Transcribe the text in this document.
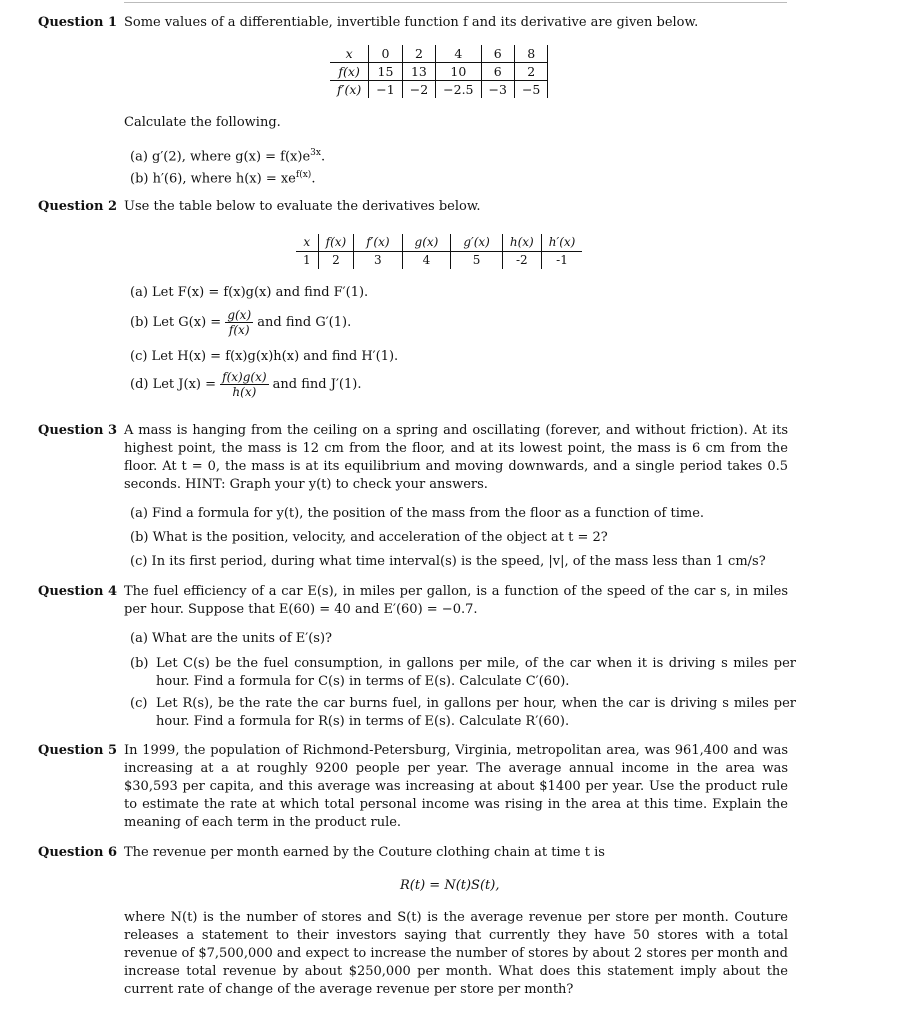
Question 1 Some values of a differentiable, invertible function f and its derivative are given below.
x	0	2	4	6	8
f(x)	15	13	10	6	2
f′(x)	−1	−2	−2.5	−3	−5
Calculate the following.
(a) g′(2), where $g(x) = f(x)e^{3x}$.
(b) h′(6), where $h(x) = xe^{f(x)}$.
Question 2 Use the table below to evaluate the derivatives below.
x	f(x)	f′(x)	g(x)	g′(x)	h(x)	h′(x)
1	2	3	4	5	-2	-1
(a) Let F(x) = f(x)g(x) and find F′(1).
(b) Let $G(x) = \frac{g(x)}{f(x)}$ and find G′(1).
(c) Let H(x) = f(x)g(x)h(x) and find H′(1).
(d) Let $J(x) = \frac{f(x)g(x)}{h(x)}$ and find J′(1).
Question 3 A mass is hanging from the ceiling on a spring and oscillating (forever, and without friction). At its highest point, the mass is 12 cm from the floor, and at its lowest point, the mass is 6 cm from the floor. At t = 0, the mass is at its equilibrium and moving downwards, and a single period takes 0.5 seconds. HINT: Graph your y(t) to check your answers.
(a) Find a formula for y(t), the position of the mass from the floor as a function of time.
(b) What is the position, velocity, and acceleration of the object at t = 2?
(c) In its first period, during what time interval(s) is the speed, |v|, of the mass less than 1 cm/s?
Question 4 The fuel efficiency of a car E(s), in miles per gallon, is a function of the speed of the car s, in miles per hour. Suppose that E(60) = 40 and E′(60) = −0.7.
(a) What are the units of E′(s)?
(b) Let C(s) be the fuel consumption, in gallons per mile, of the car when it is driving s miles per hour. Find a formula for C(s) in terms of E(s). Calculate C′(60).
(c) Let R(s), be the rate the car burns fuel, in gallons per hour, when the car is driving s miles per hour. Find a formula for R(s) in terms of E(s). Calculate R′(60).
Question 5 In 1999, the population of Richmond-Petersburg, Virginia, metropolitan area, was 961,400 and was increasing at a at roughly 9200 people per year. The average annual income in the area was $30,593 per capita, and this average was increasing at about $1400 per year. Use the product rule to estimate the rate at which total personal income was rising in the area at this time. Explain the meaning of each term in the product rule.
Question 6 The revenue per month earned by the Couture clothing chain at time t is
R(t) = N(t)S(t),
where N(t) is the number of stores and S(t) is the average revenue per store per month. Couture releases a statement to their investors saying that currently they have 50 stores with a total revenue of $7,500,000 and expect to increase the number of stores by about 2 stores per month and increase total revenue by about $250,000 per month. What does this statement imply about the current rate of change of the average revenue per store per month?
